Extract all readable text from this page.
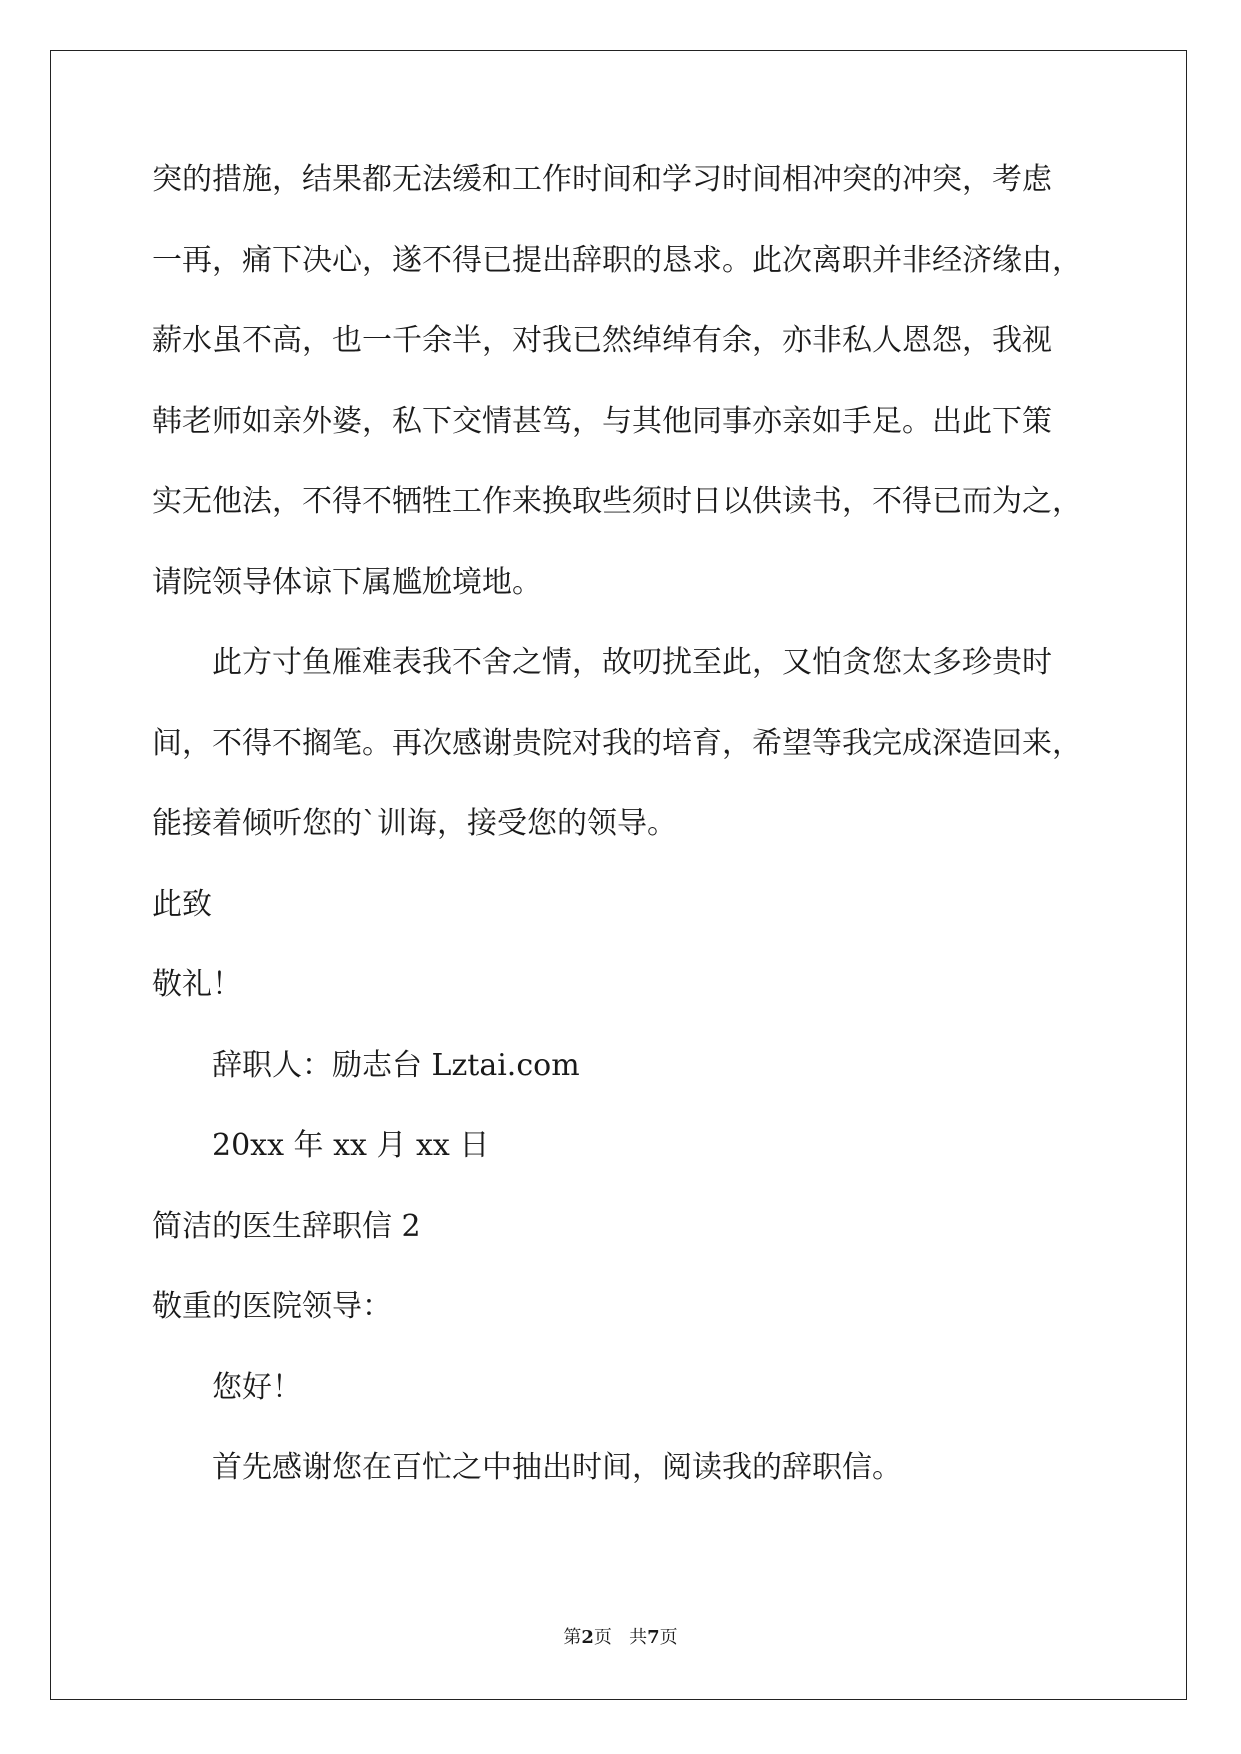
突的措施，结果都无法缓和工作时间和学习时间相冲突的冲突，考虑

一再，痛下决心，遂不得已提出辞职的恳求。此次离职并非经济缘由，

薪水虽不高，也一千余半，对我已然绰绰有余，亦非私人恩怨，我视

韩老师如亲外婆，私下交情甚笃，与其他同事亦亲如手足。出此下策

实无他法，不得不牺牲工作来换取些须时日以供读书，不得已而为之，

请院领导体谅下属尴尬境地。

此方寸鱼雁难表我不舍之情，故叨扰至此，又怕贪您太多珍贵时

间，不得不搁笔。再次感谢贵院对我的培育，希望等我完成深造回来，

能接着倾听您的`训诲，接受您的领导。

此致

敬礼！

辞职人：励志台 Lztai.com

20xx 年 xx 月 xx 日

简洁的医生辞职信 2

敬重的医院领导：

您好！

首先感谢您在百忙之中抽出时间，阅读我的辞职信。

第2页   共7页
